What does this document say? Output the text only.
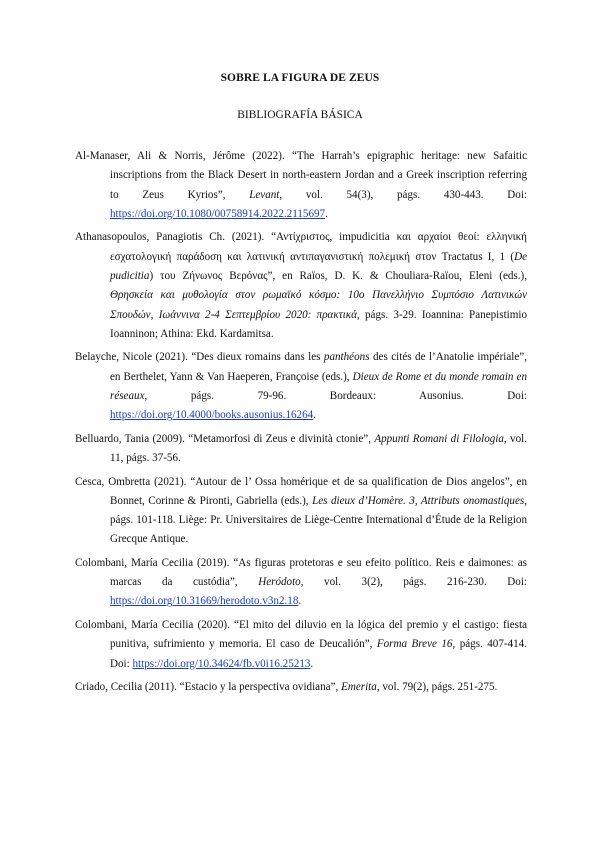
SOBRE LA FIGURA DE ZEUS
BIBLIOGRAFÍA BÁSICA

Al-Manaser, Ali & Norris, Jérôme (2022). “The Harrah’s epigraphic heritage: new Safaitic inscriptions from the Black Desert in north-eastern Jordan and a Greek inscription referring to Zeus Kyrios”, Levant, vol. 54(3), págs. 430-443. Doi: https://doi.org/10.1080/00758914.2022.2115697.

Athanasopoulos, Panagiotis Ch. (2021). “Αντίχριστος, impudicitia και αρχαίοι θεοί: ελληνική εσχατολογική παράδοση και λατινική αντιπαγανιστική πολεμική στον Tractatus I, 1 (De pudicitia) του Ζήνωνος Βερόνας”, en Raïos, D. K. & Chouliara-Raïou, Eleni (eds.), Θρησκεία και μυθολογία στον ρωμαϊκό κόσμο: 10ο Πανελλήνιο Συμπόσιο Λατινικών Σπουδών, Ιωάννινα 2-4 Σεπτεμβρίου 2020: πρακτικά, págs. 3-29. Ioannina: Panepistimio Ioanninon; Athina: Ekd. Kardamitsa.

Belayche, Nicole (2021). “Des dieux romains dans les panthéons des cités de l’Anatolie impériale”, en Berthelet, Yann & Van Haeperen, Françoise (eds.), Dieux de Rome et du monde romain en réseaux, págs. 79-96. Bordeaux: Ausonius. Doi: https://doi.org/10.4000/books.ausonius.16264.

Belluardo, Tania (2009). “Metamorfosi di Zeus e divinità ctonie”, Appunti Romani di Filologia, vol. 11, págs. 37-56.

Cesca, Ombretta (2021). “Autour de l’ Ossa homérique et de sa qualification de Dios angelos”, en Bonnet, Corinne & Pironti, Gabriella (eds.), Les dieux d’Homère. 3, Attributs onomastiques, págs. 101-118. Liège: Pr. Universitaires de Liège-Centre International d’Étude de la Religion Grecque Antique.

Colombani, María Cecilia (2019). “As figuras protetoras e seu efeito político. Reis e daimones: as marcas da custódia”, Heródoto, vol. 3(2), págs. 216-230. Doi: https://doi.org/10.31669/herodoto.v3n2.18.

Colombani, María Cecilia (2020). “El mito del diluvio en la lógica del premio y el castigo: fiesta punitiva, sufrimiento y memoria. El caso de Deucalión”, Forma Breve 16, págs. 407-414. Doi: https://doi.org/10.34624/fb.v0i16.25213.

Criado, Cecilia (2011). “Estacio y la perspectiva ovidiana”, Emerita, vol. 79(2), págs. 251-275.
